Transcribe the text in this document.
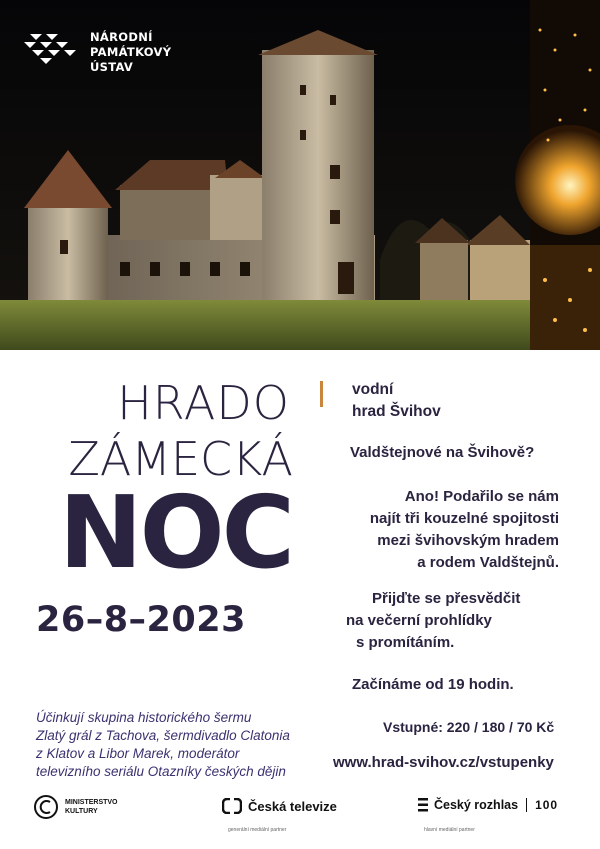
NÁRODNÍ
PAMÁTKOVÝ
ÚSTAV
HRADO
ZÁMECKÁ
NOC
26–8–2023
vodní
hrad Švihov
Valdštejnové na Švihově?
Ano! Podařilo se nám
najít tři kouzelné spojitosti
mezi švihovským hradem
a rodem Valdštejnů.
Přijďte se přesvědčit
na večerní prohlídky
s promítáním.
Začínáme od 19 hodin.
Vstupné: 220 / 180 / 70 Kč
www.hrad-svihov.cz/vstupenky
Účinkují skupina historického šermu
Zlatý grál z Tachova, šermdivadlo Clatonia
z Klatov a Libor Marek, moderátor
televizního seriálu Otazníky českých dějin
MINISTERSTVO
KULTURY	Česká televize
generální mediální partner
Český rozhlas 100
hlavní mediální partner
